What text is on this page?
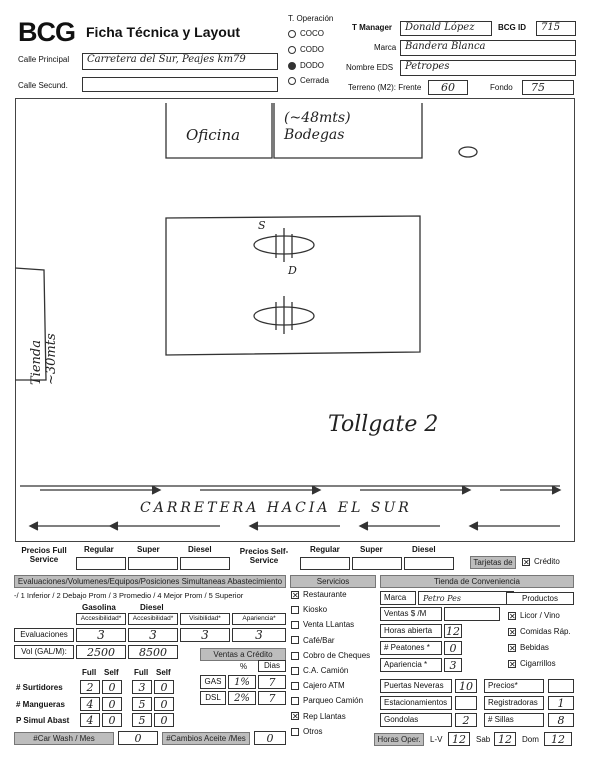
BCG Ficha Técnica y Layout
T. Operación
COCO
CODO
DODO
Cerrada
T Manager	Donald López	BCG ID	715
Marca Bandera Blanca
Nombre EDS	Petropes
Calle Principal	Carretera del Sur, Peajes km79
Calle Secund.	Terreno (M2): Frente	60	Fondo	75
Oficina
(~48mts) Bodegas
Tienda ~30mts
S
D
Tollgate 2
CARRETERA HACIA EL SUR
Precios Full Service
Regular	Super	Diesel	Precios Self-Service
Regular	Super	Diesel
Tarjetas de ✕	Crédito
Evaluaciones/Volumenes/Equipos/Posiciones Simultaneas Abastecimiento	Servicios	Tienda de Conveniencia
-/ 1 Inferior / 2 Debajo Prom / 3 Promedio / 4 Mejor Prom / 5 Superior
Gasolina	Diesel
Accesibilidad*	Accesibilidad*	Visibilidad*	Apariencia*
Evaluaciones	3	3	3	3
Vol (GAL/M):	2500	8500	Ventas a Crédito
%	Dias
GAS	1%	7
DSL	2%	7
Full Self Full Self
# Surtidores	2	0	3	0
# Mangueras	4	0	5	0
P Simul Abast	4	0	5	0
#Car Wash / Mes	0	#Cambios Aceite /Mes	0
✕Restaurante
Kiosko
Venta LLantas
Café/Bar
Cobro de Cheques
C.A. Camión
Cajero ATM
Parqueo Camión
✕Rep Llantas
Otros
Marca	Petro Pes	Productos
Ventas $ /M
Horas abierta	12
# Peatones *	0
Apariencia *	3
✕Licor / Vino
✕Comidas Ráp.
✕Bebidas
✕Cigarrillos
Puertas Neveras	10	Precios*
Estacionamientos	Registradoras	1
Gondolas	2	# Sillas	8
Horas Oper.	L-V 12	Sab 12	Dom	12
